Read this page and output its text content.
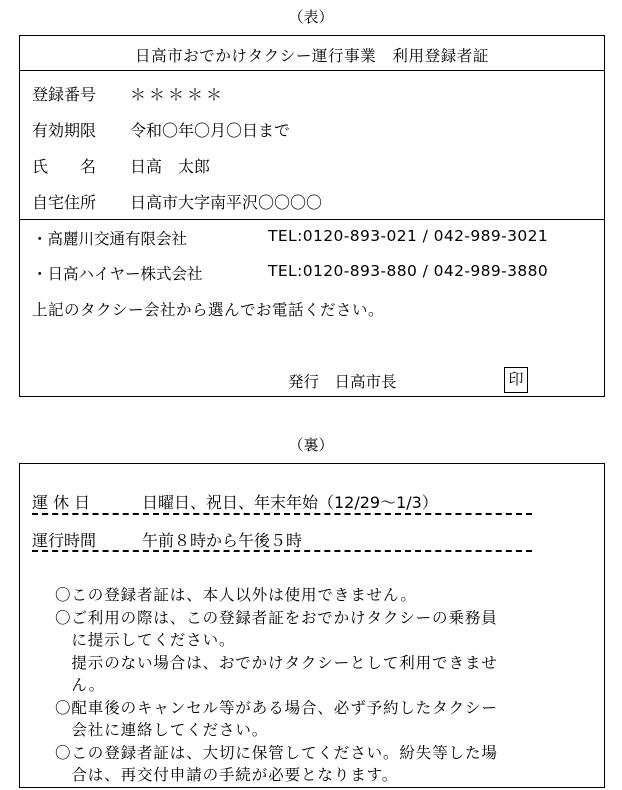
（表）
日高市おでかけタクシー運行事業　利用登録者証
登録番号 ＊＊＊＊＊
有効期限 令和〇年〇月〇日まで
氏　　名 日高　太郎
自宅住所 日高市大字南平沢〇〇〇〇
・高麗川交通有限会社	TEL:0120-893-021 / 042-989-3021
・日高ハイヤー株式会社	TEL:0120-893-880 / 042-989-3880
上記のタクシー会社から選んでお電話ください。
発行　日高市長	印
（裏）
運 休 日	日曜日、祝日、年末年始（12/29～1/3）
運行時間	午前８時から午後５時
〇この登録者証は、本人以外は使用できません。
〇ご利用の際は、この登録者証をおでかけタクシーの乗務員
　に提示してください。
　提示のない場合は、おでかけタクシーとして利用できませ
　ん。
〇配車後のキャンセル等がある場合、必ず予約したタクシー
　会社に連絡してください。
〇この登録者証は、大切に保管してください。紛失等した場
　合は、再交付申請の手続が必要となります。
